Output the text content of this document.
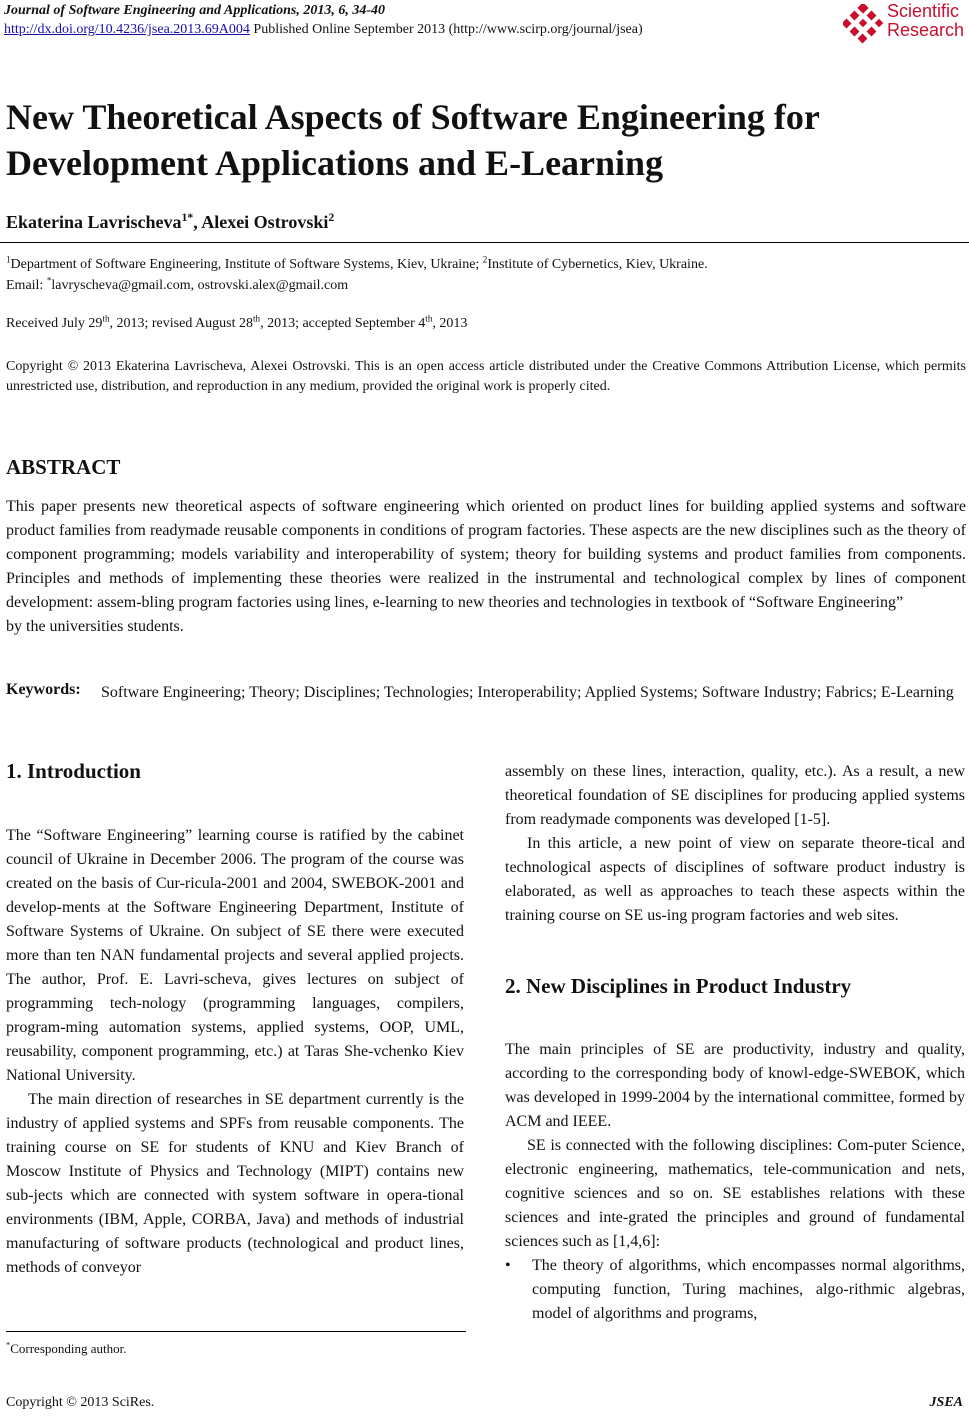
Journal of Software Engineering and Applications, 2013, 6, 34-40
http://dx.doi.org/10.4236/jsea.2013.69A004 Published Online September 2013 (http://www.scirp.org/journal/jsea)
Scientific
Research
New Theoretical Aspects of Software Engineering for Development Applications and E-Learning
Ekaterina Lavrischeva$^{1*}$, Alexei Ostrovski$^2$
$^1$Department of Software Engineering, Institute of Software Systems, Kiev, Ukraine; $^2$Institute of Cybernetics, Kiev, Ukraine.
Email: *lavryscheva@gmail.com, ostrovski.alex@gmail.com
Received July 29th, 2013; revised August 28th, 2013; accepted September 4th, 2013
Copyright © 2013 Ekaterina Lavrischeva, Alexei Ostrovski. This is an open access article distributed under the Creative Commons Attribution License, which permits unrestricted use, distribution, and reproduction in any medium, provided the original work is properly cited.
ABSTRACT
This paper presents new theoretical aspects of software engineering which oriented on product lines for building applied systems and software product families from readymade reusable components in conditions of program factories. These aspects are the new disciplines such as the theory of component programming; models variability and interoperability of system; theory for building systems and product families from components. Principles and methods of implementing these theories were realized in the instrumental and technological complex by lines of component development: assem-bling program factories using lines, e-learning to new theories and technologies in textbook of “Software Engineering”
by the universities students.
Keywords: Software Engineering; Theory; Disciplines; Technologies; Interoperability; Applied Systems; Software Industry; Fabrics; E-Learning
1. Introduction

The “Software Engineering” learning course is ratified by the cabinet council of Ukraine in December 2006. The program of the course was created on the basis of Cur-ricula-2001 and 2004, SWEBOK-2001 and develop-ments at the Software Engineering Department, Institute of Software Systems of Ukraine. On subject of SE there were executed more than ten NAN fundamental projects and several applied projects. The author, Prof. E. Lavri-scheva, gives lectures on subject of programming tech-nology (programming languages, compilers, program-ming automation systems, applied systems, OOP, UML, reusability, component programming, etc.) at Taras She-vchenko Kiev National University.

The main direction of researches in SE department currently is the industry of applied systems and SPFs from reusable components. The training course on SE for students of KNU and Kiev Branch of Moscow Institute of Physics and Technology (MIPT) contains new sub-jects which are connected with system software in opera-tional environments (IBM, Apple, CORBA, Java) and methods of industrial manufacturing of software products (technological and product lines, methods of conveyor

assembly on these lines, interaction, quality, etc.). As a result, a new theoretical foundation of SE disciplines for producing applied systems from readymade components was developed [1-5].

In this article, a new point of view on separate theore-tical and technological aspects of disciplines of software product industry is elaborated, as well as approaches to teach these aspects within the training course on SE us-ing program factories and web sites.

2. New Disciplines in Product Industry

The main principles of SE are productivity, industry and quality, according to the corresponding body of knowl-edge-SWEBOK, which was developed in 1999-2004 by the international committee, formed by ACM and IEEE.

SE is connected with the following disciplines: Com-puter Science, electronic engineering, mathematics, tele-communication and nets, cognitive sciences and so on. SE establishes relations with these sciences and inte-grated the principles and ground of fundamental sciences such as [1,4,6]:

• The theory of algorithms, which encompasses normal algorithms, computing function, Turing machines, algo-rithmic algebras, model of algorithms and programs,
*Corresponding author.
Copyright © 2013 SciRes.	JSEA
